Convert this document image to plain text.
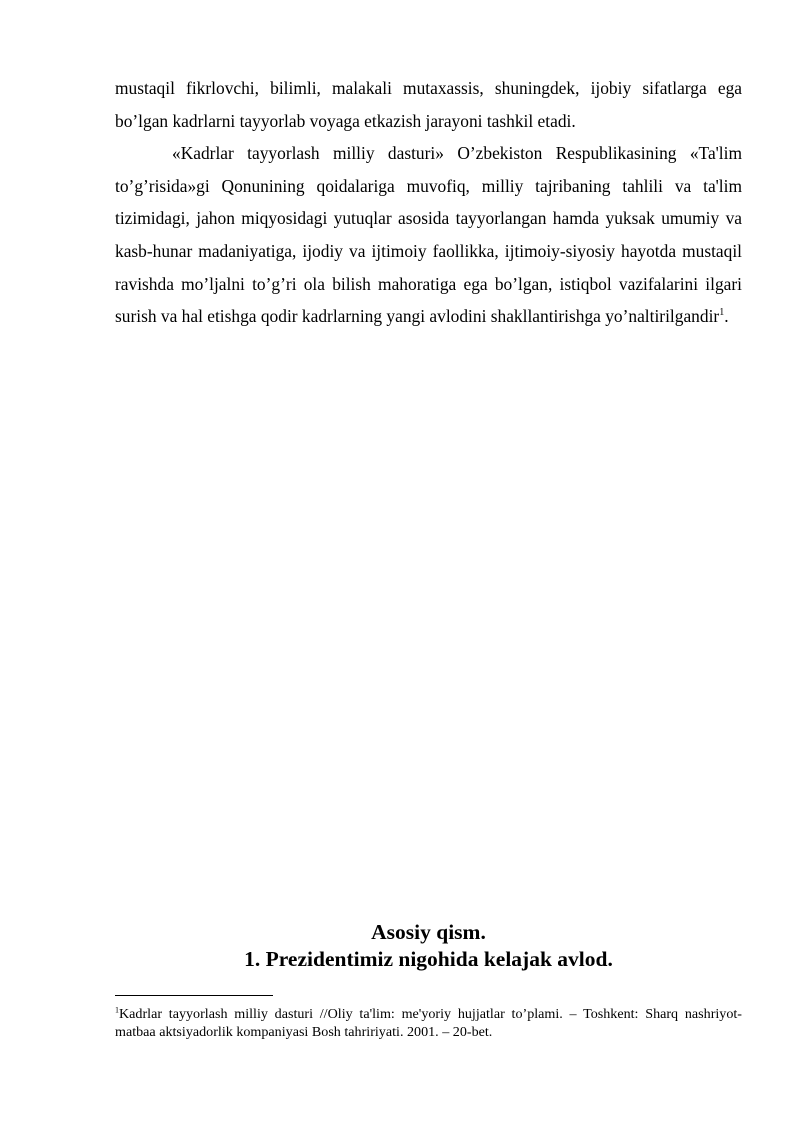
mustaqil fikrlovchi, bilimli, malakali mutaxassis, shuningdek, ijobiy sifatlarga ega bo’lgan kadrlarni tayyorlab voyaga etkazish jarayoni tashkil etadi.

«Kadrlar tayyorlash milliy dasturi» O’zbekiston Respublikasining «Ta'lim to’g’risida»gi Qonunining qoidalariga muvofiq, milliy tajribaning tahlili va ta'lim tizimidagi, jahon miqyosidagi yutuqlar asosida tayyorlangan hamda yuksak umumiy va kasb-hunar madaniyatiga, ijodiy va ijtimoiy faollikka, ijtimoiy-siyosiy hayotda mustaqil ravishda mo’ljalni to’g’ri ola bilish mahoratiga ega bo’lgan, istiqbol vazifalarini ilgari surish va hal etishga qodir kadrlarning yangi avlodini shakllantirishga yo’naltirilgandir$^1$.

Asosiy qism.
1. Prezidentimiz nigohida kelajak avlod.
$^1$Kadrlar tayyorlash milliy dasturi //Oliy ta'lim: me'yoriy hujjatlar to’plami. – Toshkent: Sharq nashriyot-matbaa aktsiyadorlik kompaniyasi Bosh tahririyati. 2001. – 20-bet.
